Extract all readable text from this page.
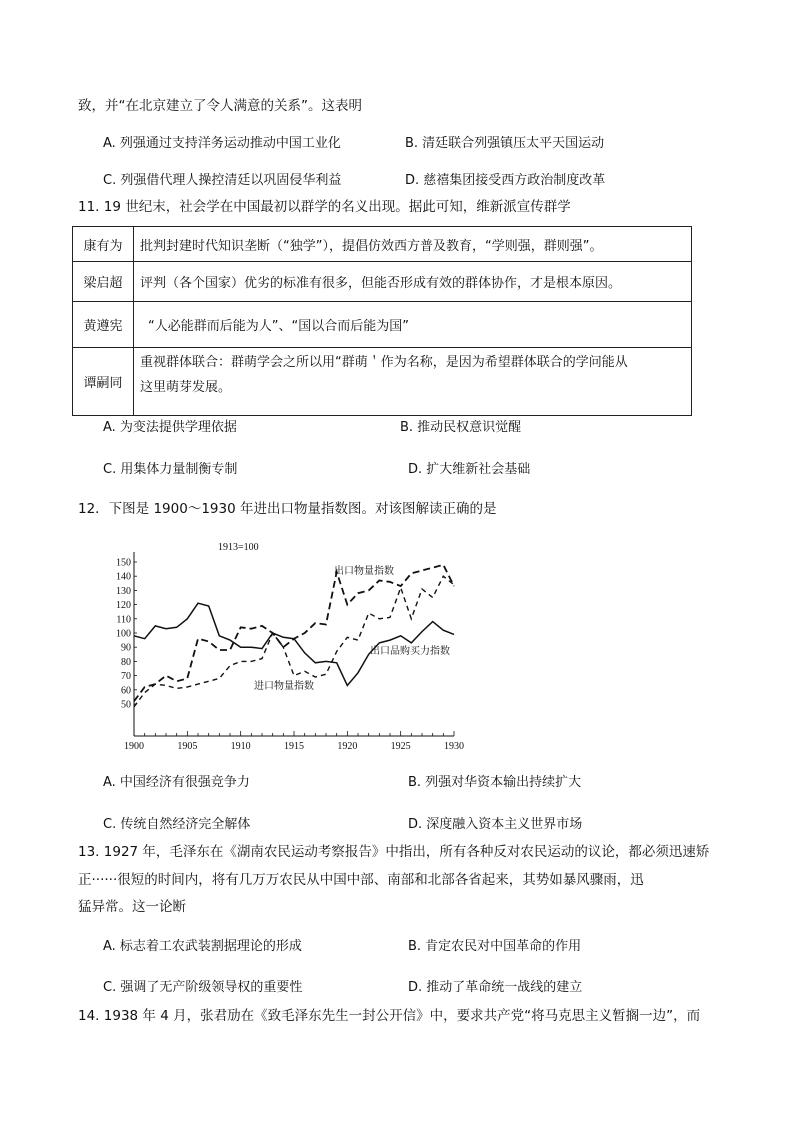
致，并“在北京建立了令人满意的关系”。这表明
A. 列强通过支持洋务运动推动中国工业化	B. 清廷联合列强镇压太平天国运动
C. 列强借代理人操控清廷以巩固侵华利益	D. 慈禧集团接受西方政治制度改革
11. 19 世纪末，社会学在中国最初以群学的名义出现。据此可知，维新派宣传群学
康有为	批判封建时代知识垄断（“独学”），提倡仿效西方普及教育，“学则强，群则强”。
梁启超	评判（各个国家）优劣的标准有很多，但能否形成有效的群体协作，才是根本原因。
黄遵宪	“人必能群而后能为人”、“国以合而后能为国”
谭嗣同	重视群体联合：群萌学会之所以用“群萌＇作为名称，是因为希望群体联合的学问能从
这里萌芽发展。
A. 为变法提供学理依据	B. 推动民权意识觉醒
C. 用集体力量制衡专制	D. 扩大维新社会基础
12．下图是 1900～1930 年进出口物量指数图。对该图解读正确的是
1900	1905	1910	1915	1920	1925	1930
150
140
130
120
110
100
90
80
70
60
50
1913=100
出口物量指数
出口品购买力指数
进口物量指数
A. 中国经济有很强竞争力	B. 列强对华资本输出持续扩大
C. 传统自然经济完全解体	D. 深度融入资本主义世界市场
13. 1927 年，毛泽东在《湖南农民运动考察报告》中指出，所有各种反对农民运动的议论，都必须迅速矫
正······很短的时间内，将有几万万农民从中国中部、南部和北部各省起来，其势如暴风骤雨，迅
猛异常。这一论断
A. 标志着工农武装割据理论的形成	B. 肯定农民对中国革命的作用
C. 强调了无产阶级领导权的重要性	D. 推动了革命统一战线的建立
14. 1938 年 4 月，张君劢在《致毛泽东先生一封公开信》中，要求共产党“将马克思主义暂搁一边”，而
